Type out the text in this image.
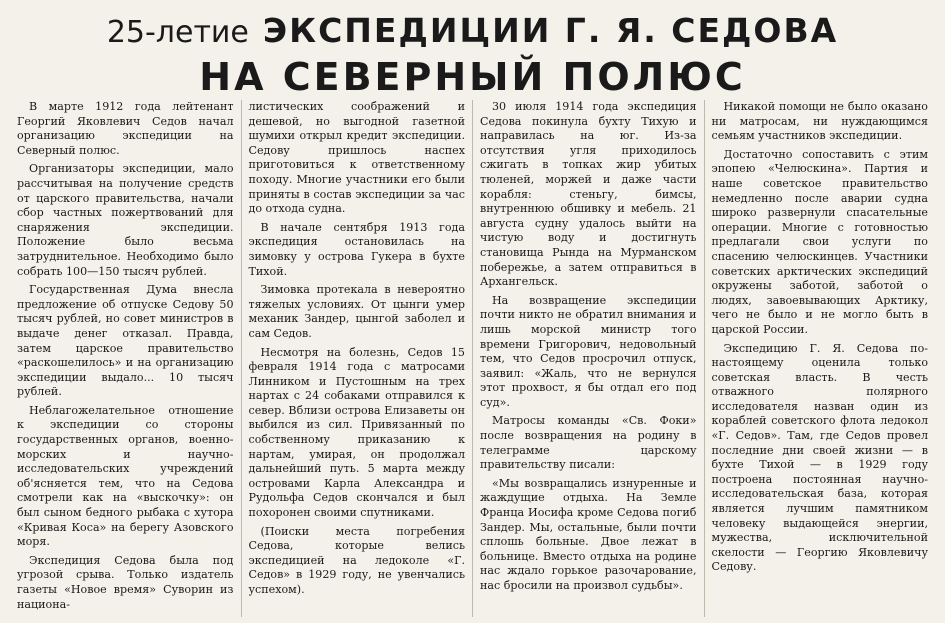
25-летие ЭКСПЕДИЦИИ Г. Я. СЕДОВА
НА СЕВЕРНЫЙ ПОЛЮС

В марте 1912 года лейтенант Георгий Яковлевич Седов начал организацию экспедиции на Северный полюс.

Организаторы экспедиции, мало рассчитывая на получение средств от царского правительства, начали сбор частных пожертвований для снаряжения экспедиции. Положение было весьма затруднительное. Необходимо было собрать 100—150 тысяч рублей.

Государственная Дума внесла предложение об отпуске Седову 50 тысяч рублей, но совет министров в выдаче денег отказал. Правда, затем царское правительство «раскошелилось» и на организацию экспедиции выдало... 10 тысяч рублей.

Неблагожелательное отношение к экспедиции со стороны государственных органов, военно-морских и научно-исследовательских учреждений об'ясняется тем, что на Седова смотрели как на «выскочку»: он был сыном бедного рыбака с хутора «Кривая Коса» на берегу Азовского моря.

Экспедиция Седова была под угрозой срыва. Только издатель газеты «Новое время» Суворин из национа-

листических соображений и дешевой, но выгодной газетной шумихи открыл кредит экспедиции. Седову пришлось наспех приготовиться к ответственному походу. Многие участники его были приняты в состав экспедиции за час до отхода судна.

В начале сентября 1913 года экспедиция остановилась на зимовку у острова Гукера в бухте Тихой.

Зимовка протекала в невероятно тяжелых условиях. От цынги умер механик Зандер, цынгой заболел и сам Седов.

Несмотря на болезнь, Седов 15 февраля 1914 года с матросами Линником и Пустошным на трех нартах с 24 собаками отправился к север. Вблизи острова Елизаветы он выбился из сил. Привязанный по собственному приказанию к нартам, умирая, он продолжал дальнейший путь. 5 марта между островами Карла Александра и Рудольфа Седов скончался и был похоронен своими спутниками.

(Поиски места погребения Седова, которые велись экспедицией на ледоколе «Г. Седов» в 1929 году, не увенчались успехом).

30 июля 1914 года экспедиция Седова покинула бухту Тихую и направилась на юг. Из-за отсутствия угля приходилось сжигать в топках жир убитых тюленей, моржей и даже части корабля: стеньгу, бимсы, внутреннюю обшивку и мебель. 21 августа судну удалось выйти на чистую воду и достигнуть становища Рында на Мурманском побережье, а затем отправиться в Архангельск.

На возвращение экспедиции почти никто не обратил внимания и лишь морской министр того времени Григорович, недовольный тем, что Седов просрочил отпуск, заявил: «Жаль, что не вернулся этот прохвост, я бы отдал его под суд».

Матросы команды «Св. Фоки» после возвращения на родину в телеграмме царскому правительству писали:

«Мы возвращались изнуренные и жаждущие отдыха. На Земле Франца Иосифа кроме Седова погиб Зандер. Мы, остальные, были почти сплошь больные. Двое лежат в больнице. Вместо отдыха на родине нас ждало горькое разочарование, нас бросили на произвол судьбы».

Никакой помощи не было оказано ни матросам, ни нуждающимся семьям участников экспедиции.

Достаточно сопоставить с этим эпопею «Челюскина». Партия и наше советское правительство немедленно после аварии судна широко развернули спасательные операции. Многие с готовностью предлагали свои услуги по спасению челюскинцев. Участники советских арктических экспедиций окружены заботой, заботой о людях, завоевывающих Арктику, чего не было и не могло быть в царской России.

Экспедицию Г. Я. Седова по-настоящему оценила только советская власть. В честь отважного полярного исследователя назван один из кораблей советского флота ледокол «Г. Седов». Там, где Седов провел последние дни своей жизни — в бухте Тихой — в 1929 году построена постоянная научно-исследовательская база, которая является лучшим памятником человеку выдающейся энергии, мужества, исключительной скелости — Георгию Яковлевичу Седову.
